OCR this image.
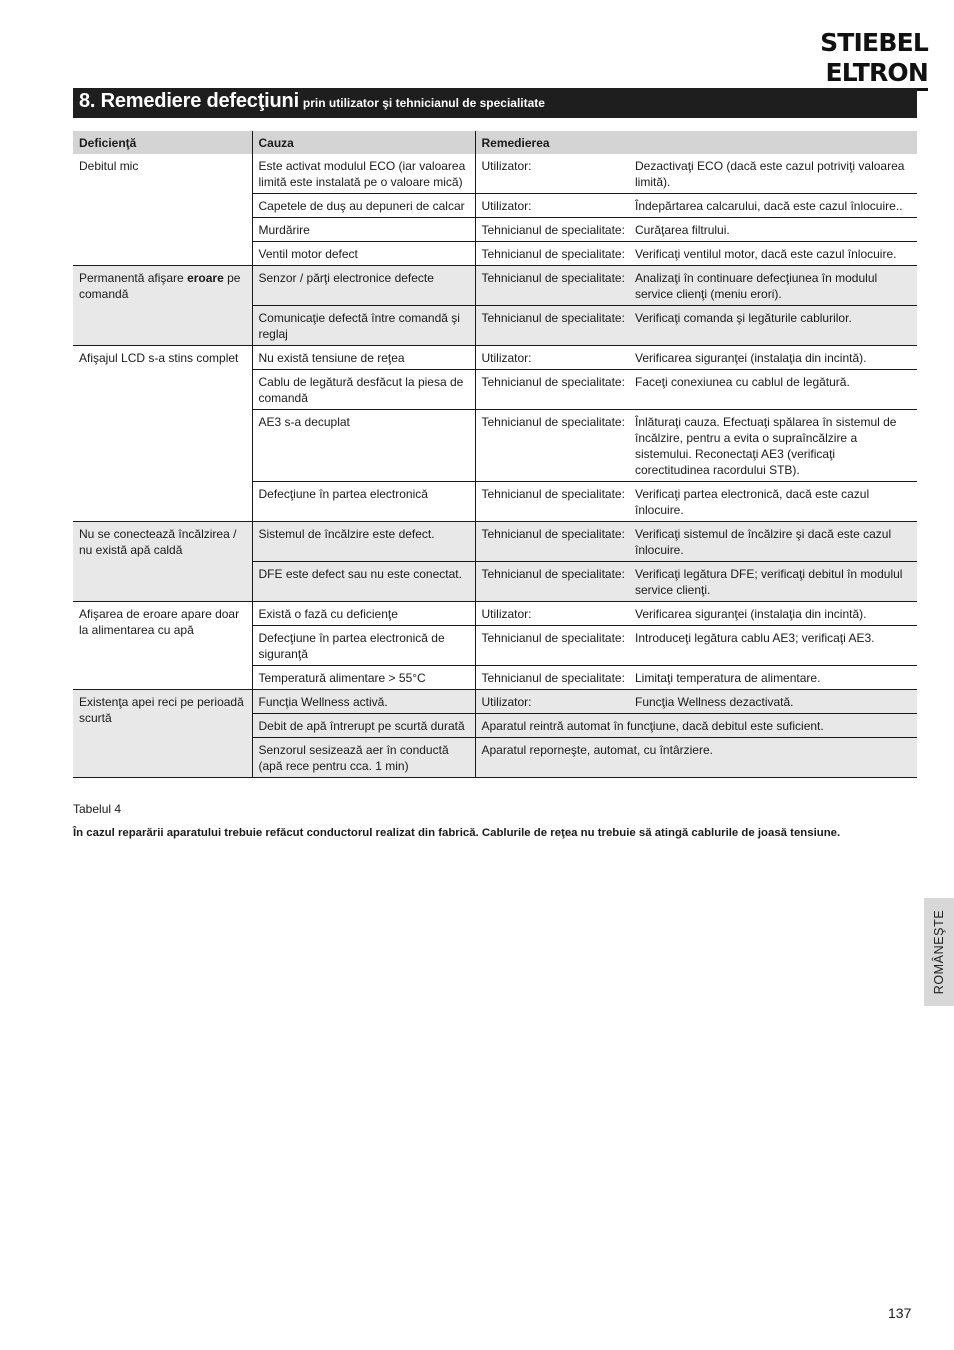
STIEBEL ELTRON
8. Remediere defecţiuni prin utilizator şi tehnicianul de specialitate
Deficienţă	Cauza	Remedierea	
Debitul mic	Este activat modulul ECO (iar valoarea limită este instalată pe o valoare mică)	Utilizator:	Dezactivaţi ECO (dacă este cazul potriviţi valoarea limită).
	Capetele de duş au depuneri de calcar	Utilizator:	Îndepărtarea calcarului, dacă este cazul înlocuire..
	Murdărire	Tehnicianul de specialitate:	Curăţarea filtrului.
	Ventil motor defect	Tehnicianul de specialitate:	Verificaţi ventilul motor, dacă este cazul înlocuire.
Permanentă afişare eroare pe comandă	Senzor / părţi electronice defecte	Tehnicianul de specialitate:	Analizaţi în continuare defecţiunea în modulul service clienţi (meniu erori).
	Comunicaţie defectă între comandă şi reglaj	Tehnicianul de specialitate:	Verificaţi comanda şi legăturile cablurilor.
Afişajul LCD s-a stins complet	Nu există tensiune de reţea	Utilizator:	Verificarea siguranţei (instalaţia din incintă).
	Cablu de legătură desfăcut la piesa de comandă	Tehnicianul de specialitate:	Faceţi conexiunea cu cablul de legătură.
	AE3 s-a decuplat	Tehnicianul de specialitate:	Înlăturaţi cauza. Efectuaţi spălarea în sistemul de încălzire, pentru a evita o supraîncălzire a sistemului. Reconectaţi AE3 (verificaţi corectitudinea racordului STB).
	Defecţiune în partea electronică	Tehnicianul de specialitate:	Verificaţi partea electronică, dacă este cazul înlocuire.
Nu se conectează încălzirea / nu există apă caldă	Sistemul de încălzire este defect.	Tehnicianul de specialitate:	Verificaţi sistemul de încălzire şi dacă este cazul înlocuire.
	DFE este defect sau nu este conectat.	Tehnicianul de specialitate:	Verificaţi legătura DFE; verificaţi debitul în modulul service clienţi.
Afişarea de eroare apare doar la alimentarea cu apă	Există o fază cu deficienţe	Utilizator:	Verificarea siguranţei (instalaţia din incintă).
	Defecţiune în partea electronică de siguranţă	Tehnicianul de specialitate:	Introduceţi legătura cablu AE3; verificaţi AE3.
	Temperatură alimentare > 55°C	Tehnicianul de specialitate:	Limitaţi temperatura de alimentare.
Existenţa apei reci pe perioadă scurtă	Funcţia Wellness activă.	Utilizator:	Funcţia Wellness dezactivată.
	Debit de apă întrerupt pe scurtă durată	Aparatul reintră automat în funcţiune, dacă debitul este suficient.	
	Senzorul sesizează aer în conductă (apă rece pentru cca. 1 min)	Aparatul reporneşte, automat, cu întârziere.	
Tabelul 4
În cazul reparării aparatului trebuie refăcut conductorul realizat din fabrică. Cablurile de reţea nu trebuie să atingă cablurile de joasă tensiune.
ROMÂNEŞTE
137
